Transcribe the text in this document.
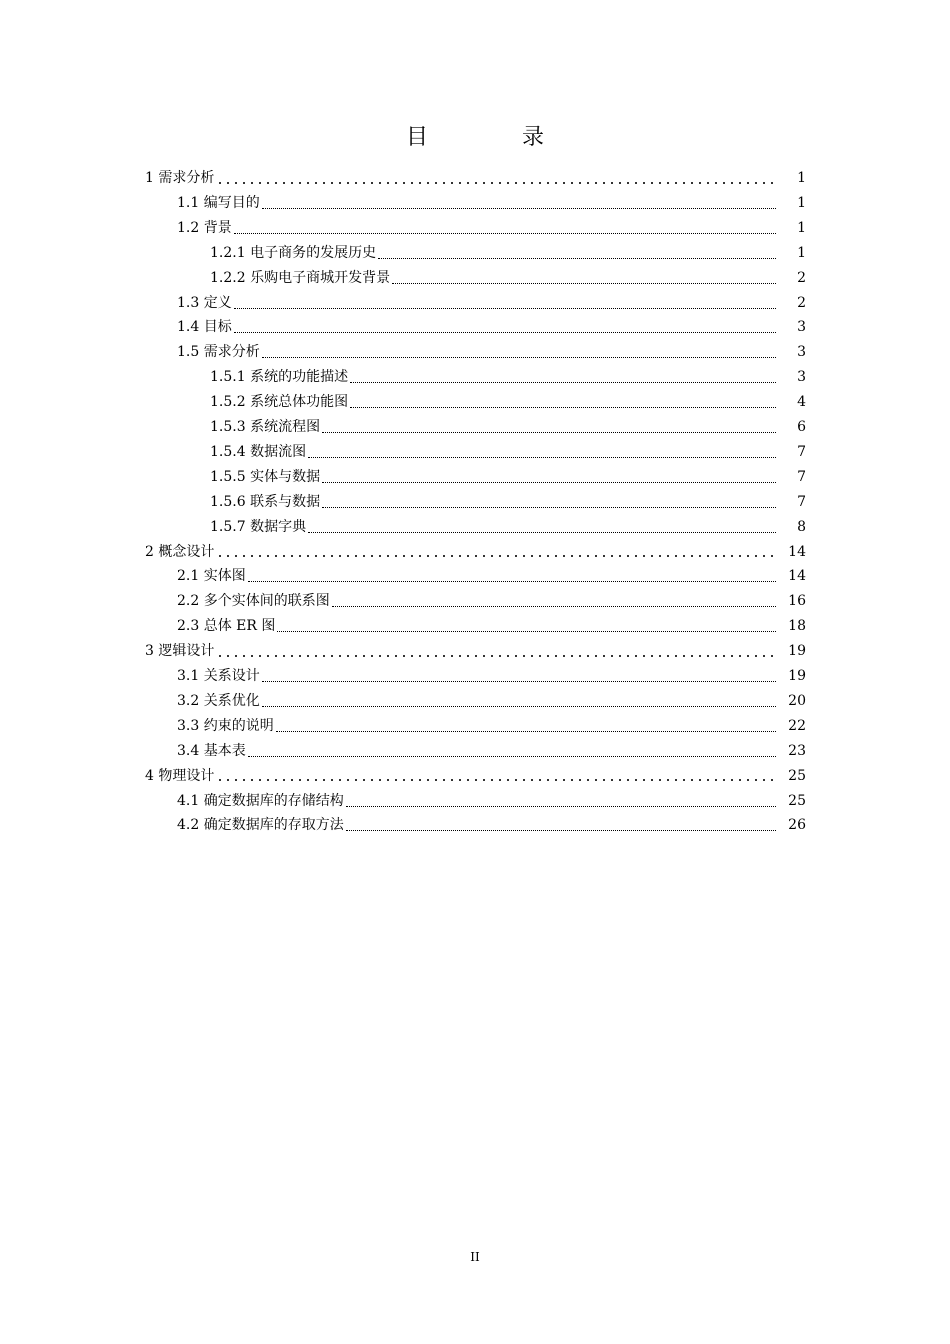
目　录
1 需求分析	1
1.1 编写目的	1
1.2 背景	1
1.2.1 电子商务的发展历史	1
1.2.2 乐购电子商城开发背景	2
1.3 定义	2
1.4 目标	3
1.5 需求分析	3
1.5.1 系统的功能描述	3
1.5.2 系统总体功能图	4
1.5.3 系统流程图	6
1.5.4 数据流图	7
1.5.5 实体与数据	7
1.5.6 联系与数据	7
1.5.7 数据字典	8
2 概念设计	14
2.1 实体图	14
2.2 多个实体间的联系图	16
2.3 总体 ER 图	18
3 逻辑设计	19
3.1 关系设计	19
3.2 关系优化	20
3.3 约束的说明	22
3.4 基本表	23
4 物理设计	25
4.1 确定数据库的存储结构	25
4.2 确定数据库的存取方法	26
II
